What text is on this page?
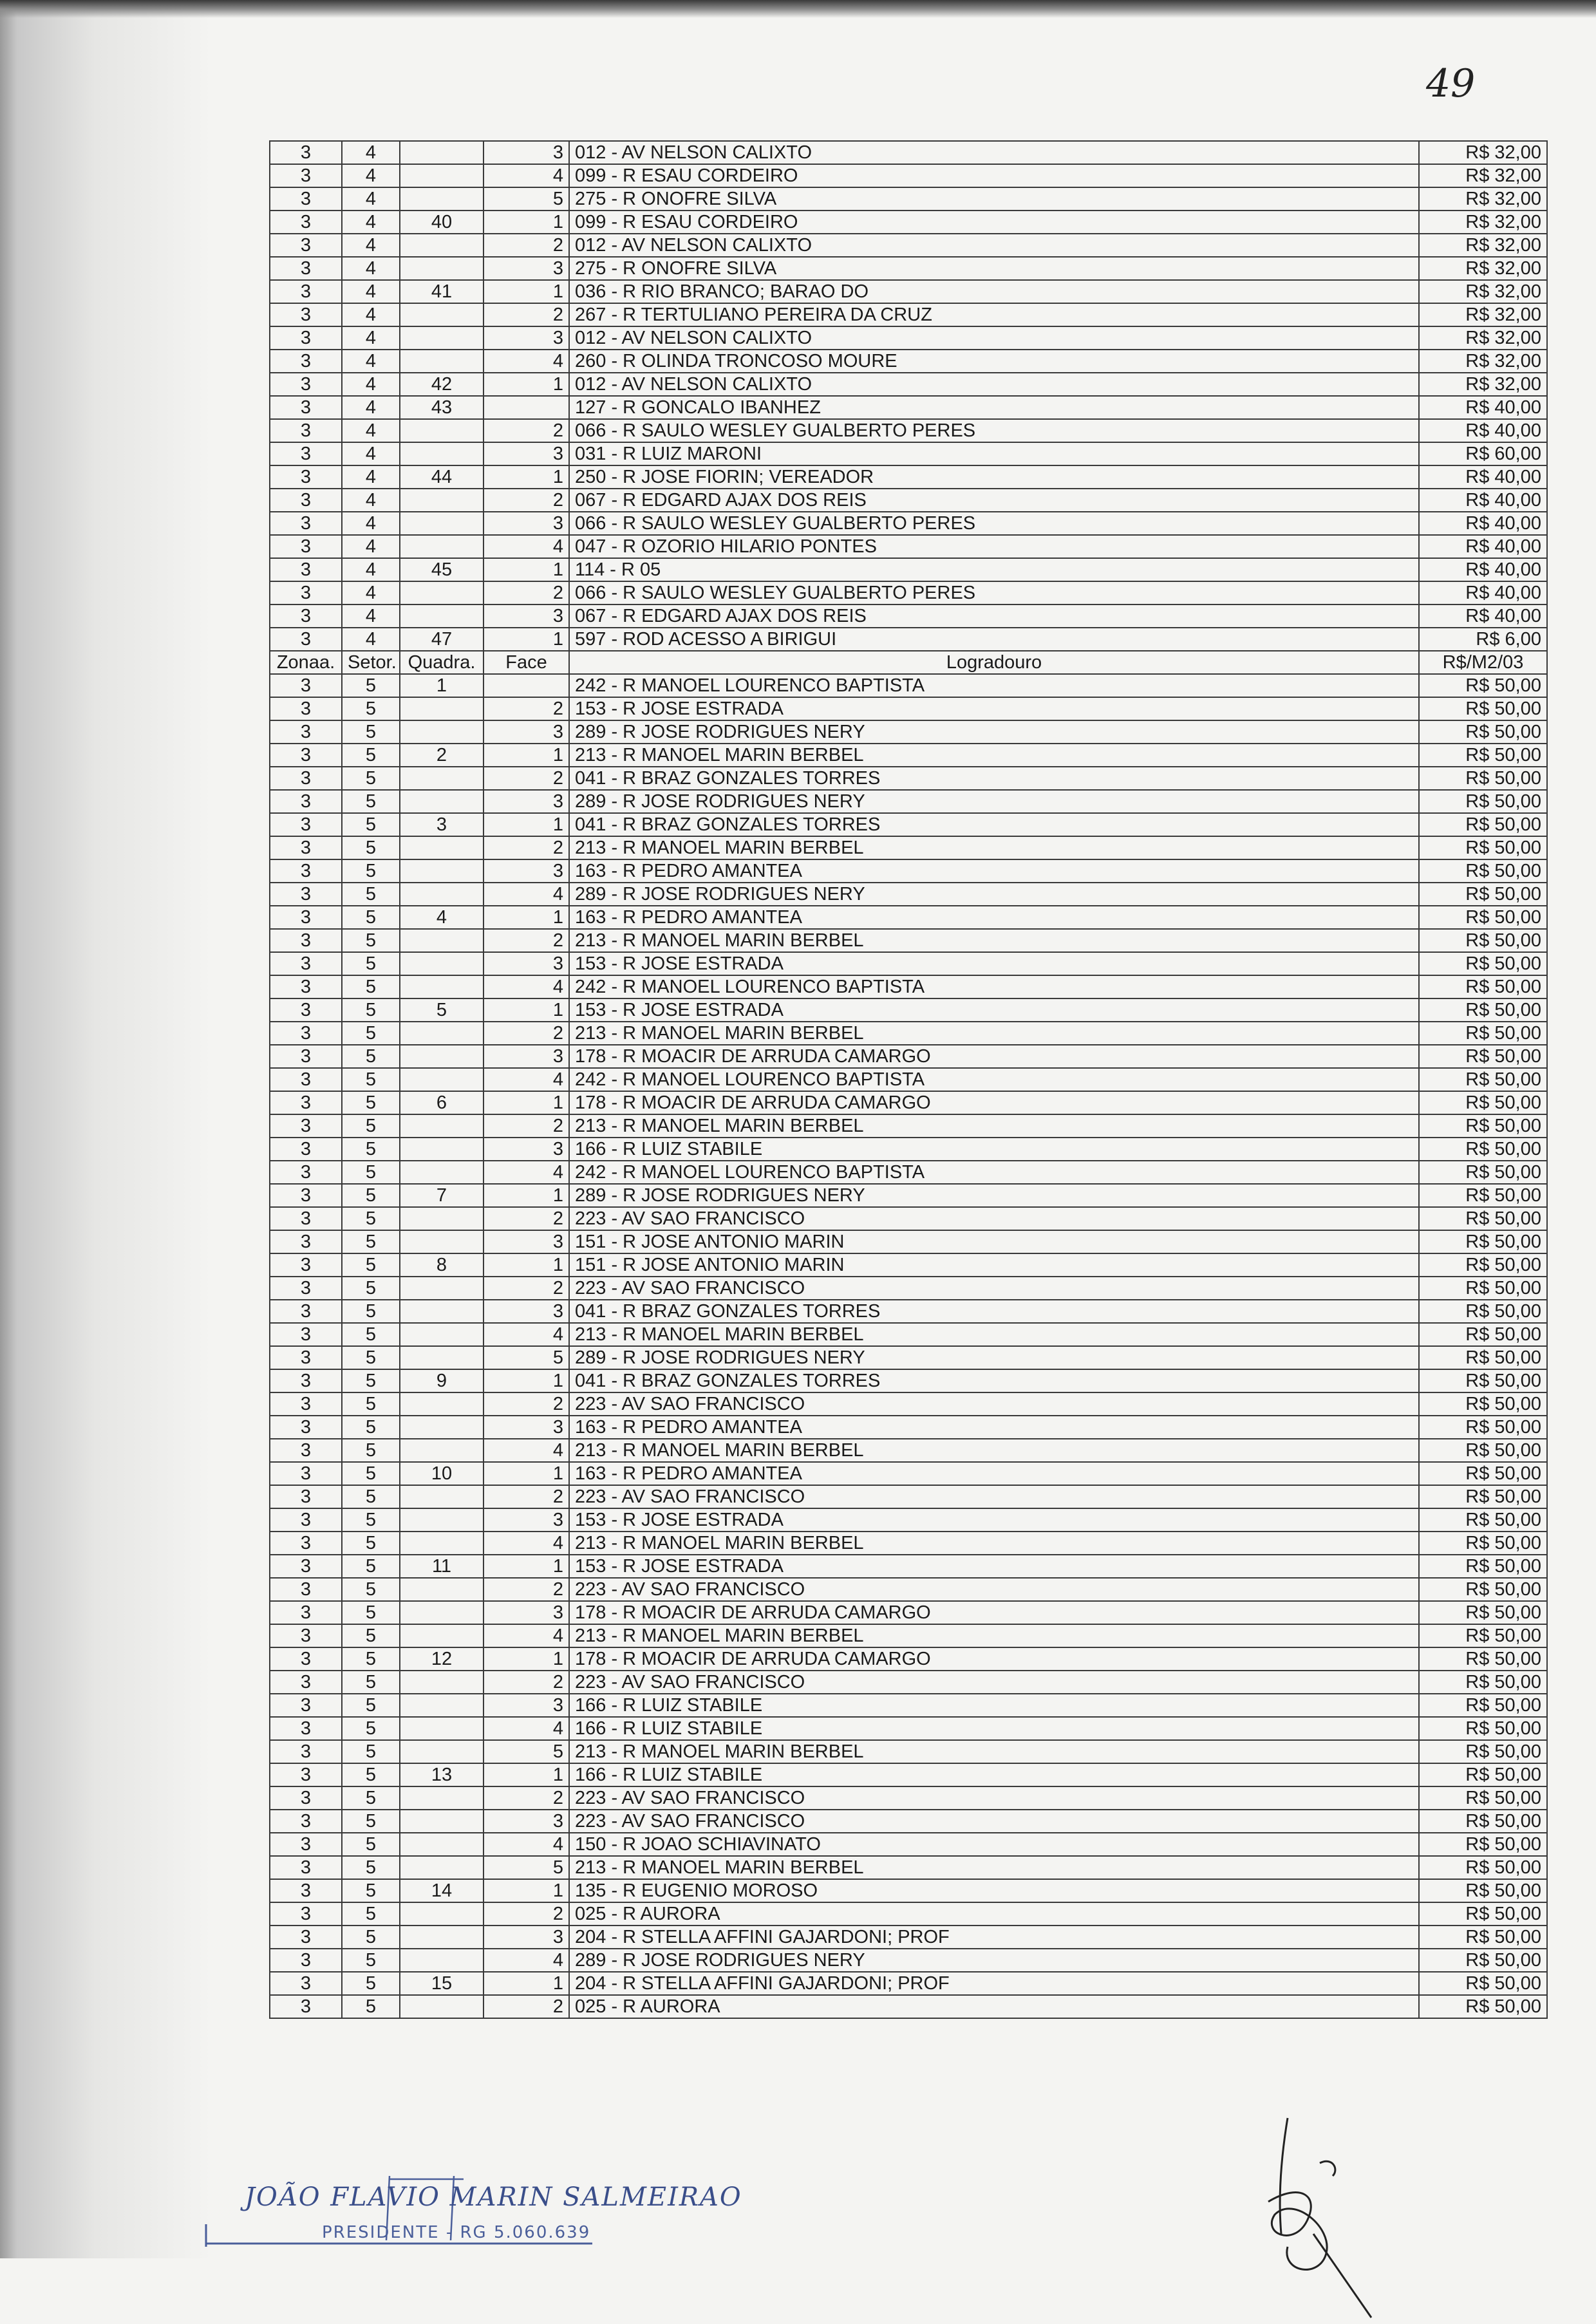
49
3	4		3	012 - AV NELSON CALIXTO	R$ 32,00
3	4		4	099 - R ESAU CORDEIRO	R$ 32,00
3	4		5	275 - R ONOFRE SILVA	R$ 32,00
3	4	40	1	099 - R ESAU CORDEIRO	R$ 32,00
3	4		2	012 - AV NELSON CALIXTO	R$ 32,00
3	4		3	275 - R ONOFRE SILVA	R$ 32,00
3	4	41	1	036 - R RIO BRANCO; BARAO DO	R$ 32,00
3	4		2	267 - R TERTULIANO PEREIRA DA CRUZ	R$ 32,00
3	4		3	012 - AV NELSON CALIXTO	R$ 32,00
3	4		4	260 - R OLINDA TRONCOSO MOURE	R$ 32,00
3	4	42	1	012 - AV NELSON CALIXTO	R$ 32,00
3	4	43		127 - R GONCALO IBANHEZ	R$ 40,00
3	4		2	066 - R SAULO WESLEY GUALBERTO PERES	R$ 40,00
3	4		3	031 - R LUIZ MARONI	R$ 60,00
3	4	44	1	250 - R JOSE FIORIN; VEREADOR	R$ 40,00
3	4		2	067 - R EDGARD AJAX DOS REIS	R$ 40,00
3	4		3	066 - R SAULO WESLEY GUALBERTO PERES	R$ 40,00
3	4		4	047 - R OZORIO HILARIO PONTES	R$ 40,00
3	4	45	1	114 - R 05	R$ 40,00
3	4		2	066 - R SAULO WESLEY GUALBERTO PERES	R$ 40,00
3	4		3	067 - R EDGARD AJAX DOS REIS	R$ 40,00
3	4	47	1	597 - ROD ACESSO A BIRIGUI	R$ 6,00
Zonaa.	Setor.	Quadra.	Face	Logradouro	R$/M2/03
3	5	1		242 - R MANOEL LOURENCO BAPTISTA	R$ 50,00
3	5		2	153 - R JOSE ESTRADA	R$ 50,00
3	5		3	289 - R JOSE RODRIGUES NERY	R$ 50,00
3	5	2	1	213 - R MANOEL MARIN BERBEL	R$ 50,00
3	5		2	041 - R BRAZ GONZALES TORRES	R$ 50,00
3	5		3	289 - R JOSE RODRIGUES NERY	R$ 50,00
3	5	3	1	041 - R BRAZ GONZALES TORRES	R$ 50,00
3	5		2	213 - R MANOEL MARIN BERBEL	R$ 50,00
3	5		3	163 - R PEDRO AMANTEA	R$ 50,00
3	5		4	289 - R JOSE RODRIGUES NERY	R$ 50,00
3	5	4	1	163 - R PEDRO AMANTEA	R$ 50,00
3	5		2	213 - R MANOEL MARIN BERBEL	R$ 50,00
3	5		3	153 - R JOSE ESTRADA	R$ 50,00
3	5		4	242 - R MANOEL LOURENCO BAPTISTA	R$ 50,00
3	5	5	1	153 - R JOSE ESTRADA	R$ 50,00
3	5		2	213 - R MANOEL MARIN BERBEL	R$ 50,00
3	5		3	178 - R MOACIR DE ARRUDA CAMARGO	R$ 50,00
3	5		4	242 - R MANOEL LOURENCO BAPTISTA	R$ 50,00
3	5	6	1	178 - R MOACIR DE ARRUDA CAMARGO	R$ 50,00
3	5		2	213 - R MANOEL MARIN BERBEL	R$ 50,00
3	5		3	166 - R LUIZ STABILE	R$ 50,00
3	5		4	242 - R MANOEL LOURENCO BAPTISTA	R$ 50,00
3	5	7	1	289 - R JOSE RODRIGUES NERY	R$ 50,00
3	5		2	223 - AV SAO FRANCISCO	R$ 50,00
3	5		3	151 - R JOSE ANTONIO MARIN	R$ 50,00
3	5	8	1	151 - R JOSE ANTONIO MARIN	R$ 50,00
3	5		2	223 - AV SAO FRANCISCO	R$ 50,00
3	5		3	041 - R BRAZ GONZALES TORRES	R$ 50,00
3	5		4	213 - R MANOEL MARIN BERBEL	R$ 50,00
3	5		5	289 - R JOSE RODRIGUES NERY	R$ 50,00
3	5	9	1	041 - R BRAZ GONZALES TORRES	R$ 50,00
3	5		2	223 - AV SAO FRANCISCO	R$ 50,00
3	5		3	163 - R PEDRO AMANTEA	R$ 50,00
3	5		4	213 - R MANOEL MARIN BERBEL	R$ 50,00
3	5	10	1	163 - R PEDRO AMANTEA	R$ 50,00
3	5		2	223 - AV SAO FRANCISCO	R$ 50,00
3	5		3	153 - R JOSE ESTRADA	R$ 50,00
3	5		4	213 - R MANOEL MARIN BERBEL	R$ 50,00
3	5	11	1	153 - R JOSE ESTRADA	R$ 50,00
3	5		2	223 - AV SAO FRANCISCO	R$ 50,00
3	5		3	178 - R MOACIR DE ARRUDA CAMARGO	R$ 50,00
3	5		4	213 - R MANOEL MARIN BERBEL	R$ 50,00
3	5	12	1	178 - R MOACIR DE ARRUDA CAMARGO	R$ 50,00
3	5		2	223 - AV SAO FRANCISCO	R$ 50,00
3	5		3	166 - R LUIZ STABILE	R$ 50,00
3	5		4	166 - R LUIZ STABILE	R$ 50,00
3	5		5	213 - R MANOEL MARIN BERBEL	R$ 50,00
3	5	13	1	166 - R LUIZ STABILE	R$ 50,00
3	5		2	223 - AV SAO FRANCISCO	R$ 50,00
3	5		3	223 - AV SAO FRANCISCO	R$ 50,00
3	5		4	150 - R JOAO SCHIAVINATO	R$ 50,00
3	5		5	213 - R MANOEL MARIN BERBEL	R$ 50,00
3	5	14	1	135 - R EUGENIO MOROSO	R$ 50,00
3	5		2	025 - R AURORA	R$ 50,00
3	5		3	204 - R STELLA AFFINI GAJARDONI; PROF	R$ 50,00
3	5		4	289 - R JOSE RODRIGUES NERY	R$ 50,00
3	5	15	1	204 - R STELLA AFFINI GAJARDONI; PROF	R$ 50,00
3	5		2	025 - R AURORA	R$ 50,00
JOÃO FLAVIO MARIN SALMEIRAO
PRESIDENTE - RG 5.060.639
